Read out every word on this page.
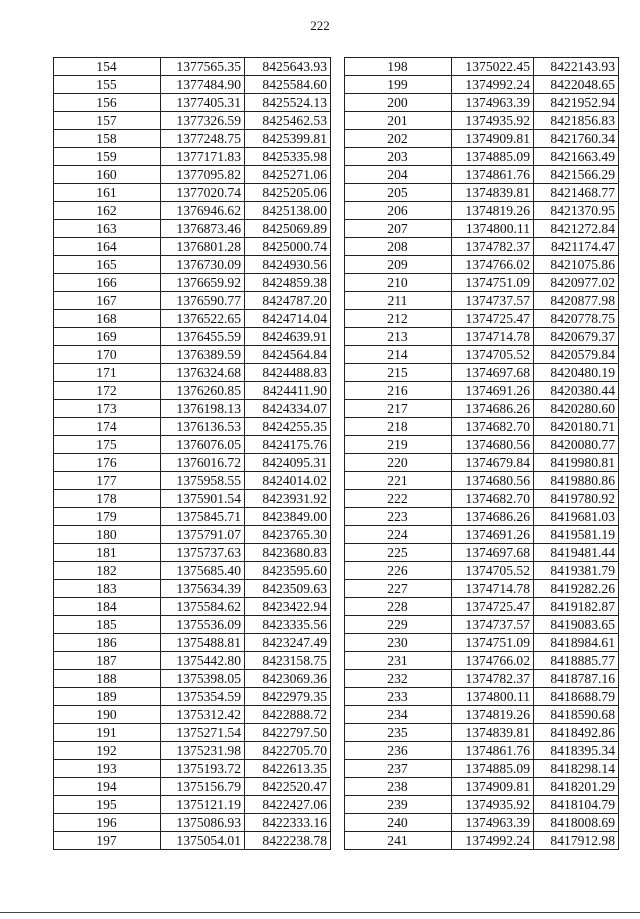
222
154	1377565.35	8425643.93
155	1377484.90	8425584.60
156	1377405.31	8425524.13
157	1377326.59	8425462.53
158	1377248.75	8425399.81
159	1377171.83	8425335.98
160	1377095.82	8425271.06
161	1377020.74	8425205.06
162	1376946.62	8425138.00
163	1376873.46	8425069.89
164	1376801.28	8425000.74
165	1376730.09	8424930.56
166	1376659.92	8424859.38
167	1376590.77	8424787.20
168	1376522.65	8424714.04
169	1376455.59	8424639.91
170	1376389.59	8424564.84
171	1376324.68	8424488.83
172	1376260.85	8424411.90
173	1376198.13	8424334.07
174	1376136.53	8424255.35
175	1376076.05	8424175.76
176	1376016.72	8424095.31
177	1375958.55	8424014.02
178	1375901.54	8423931.92
179	1375845.71	8423849.00
180	1375791.07	8423765.30
181	1375737.63	8423680.83
182	1375685.40	8423595.60
183	1375634.39	8423509.63
184	1375584.62	8423422.94
185	1375536.09	8423335.56
186	1375488.81	8423247.49
187	1375442.80	8423158.75
188	1375398.05	8423069.36
189	1375354.59	8422979.35
190	1375312.42	8422888.72
191	1375271.54	8422797.50
192	1375231.98	8422705.70
193	1375193.72	8422613.35
194	1375156.79	8422520.47
195	1375121.19	8422427.06
196	1375086.93	8422333.16
197	1375054.01	8422238.78
198	1375022.45	8422143.93
199	1374992.24	8422048.65
200	1374963.39	8421952.94
201	1374935.92	8421856.83
202	1374909.81	8421760.34
203	1374885.09	8421663.49
204	1374861.76	8421566.29
205	1374839.81	8421468.77
206	1374819.26	8421370.95
207	1374800.11	8421272.84
208	1374782.37	8421174.47
209	1374766.02	8421075.86
210	1374751.09	8420977.02
211	1374737.57	8420877.98
212	1374725.47	8420778.75
213	1374714.78	8420679.37
214	1374705.52	8420579.84
215	1374697.68	8420480.19
216	1374691.26	8420380.44
217	1374686.26	8420280.60
218	1374682.70	8420180.71
219	1374680.56	8420080.77
220	1374679.84	8419980.81
221	1374680.56	8419880.86
222	1374682.70	8419780.92
223	1374686.26	8419681.03
224	1374691.26	8419581.19
225	1374697.68	8419481.44
226	1374705.52	8419381.79
227	1374714.78	8419282.26
228	1374725.47	8419182.87
229	1374737.57	8419083.65
230	1374751.09	8418984.61
231	1374766.02	8418885.77
232	1374782.37	8418787.16
233	1374800.11	8418688.79
234	1374819.26	8418590.68
235	1374839.81	8418492.86
236	1374861.76	8418395.34
237	1374885.09	8418298.14
238	1374909.81	8418201.29
239	1374935.92	8418104.79
240	1374963.39	8418008.69
241	1374992.24	8417912.98
